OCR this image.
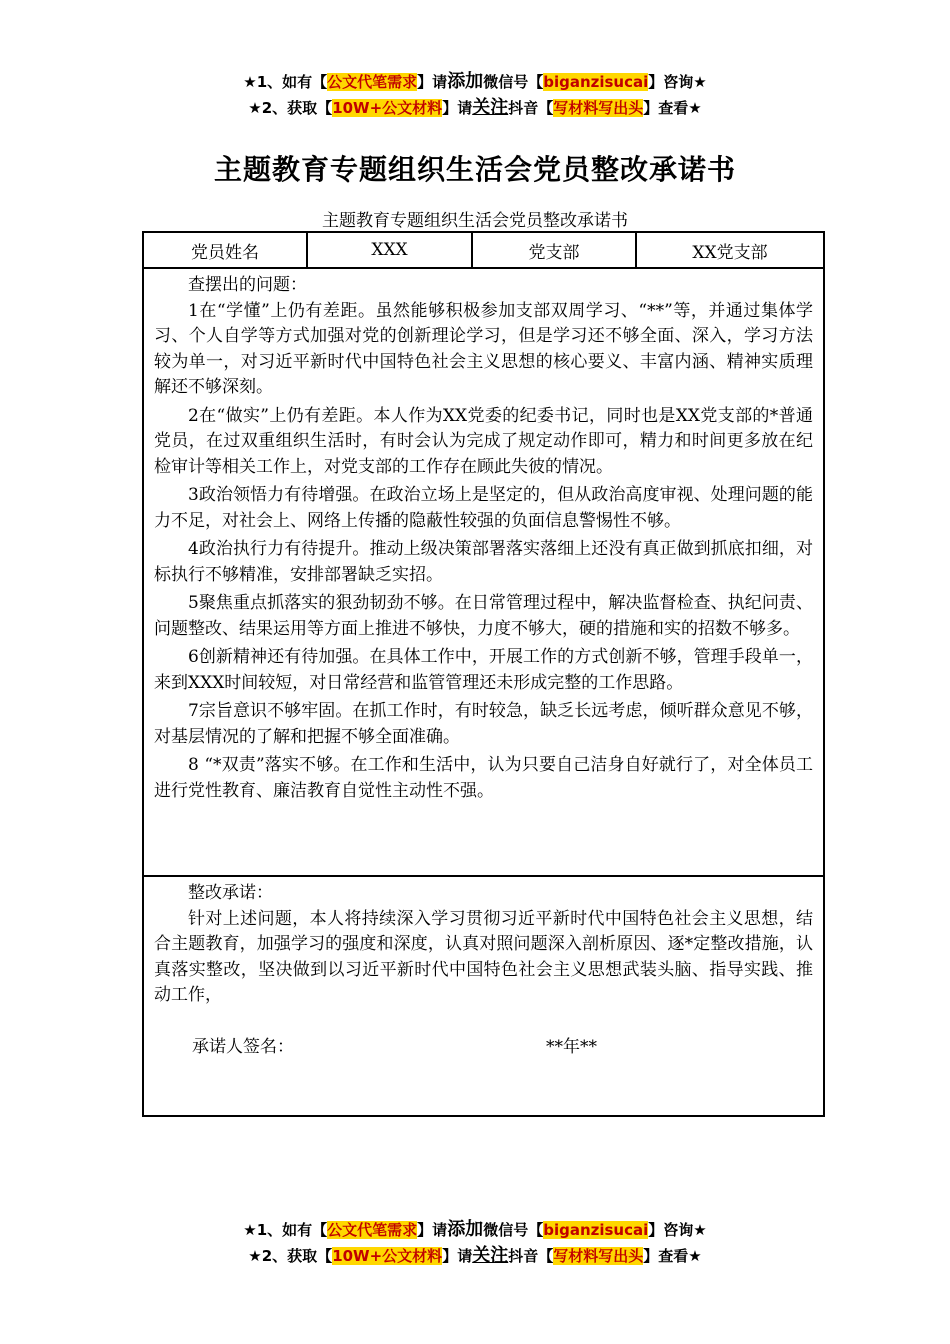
★1、如有【公文代笔需求】请添加微信号【biganzisucai】咨询★
★2、获取【10W+公文材料】请关注抖音【写材料写出头】查看★
主题教育专题组织生活会党员整改承诺书
主题教育专题组织生活会党员整改承诺书
党员姓名	XXX	党支部	XX党支部

查摆出的问题：

1在“学懂”上仍有差距。虽然能够积极参加支部双周学习、“**”等，并通过集体学习、个人自学等方式加强对党的创新理论学习，但是学习还不够全面、深入，学习方法较为单一，对习近平新时代中国特色社会主义思想的核心要义、丰富内涵、精神实质理解还不够深刻。

2在“做实”上仍有差距。本人作为XX党委的纪委书记，同时也是XX党支部的*普通党员，在过双重组织生活时，有时会认为完成了规定动作即可，精力和时间更多放在纪检审计等相关工作上，对党支部的工作存在顾此失彼的情况。

3政治领悟力有待增强。在政治立场上是坚定的，但从政治高度审视、处理问题的能力不足，对社会上、网络上传播的隐蔽性较强的负面信息警惕性不够。

4政治执行力有待提升。推动上级决策部署落实落细上还没有真正做到抓底扣细，对标执行不够精准，安排部署缺乏实招。

5聚焦重点抓落实的狠劲韧劲不够。在日常管理过程中，解决监督检查、执纪问责、问题整改、结果运用等方面上推进不够快，力度不够大，硬的措施和实的招数不够多。

6创新精神还有待加强。在具体工作中，开展工作的方式创新不够，管理手段单一，来到XXX时间较短，对日常经营和监管管理还未形成完整的工作思路。

7宗旨意识不够牢固。在抓工作时，有时较急，缺乏长远考虑，倾听群众意见不够，对基层情况的了解和把握不够全面准确。

8 “*双责”落实不够。在工作和生活中，认为只要自己洁身自好就行了，对全体员工进行党性教育、廉洁教育自觉性主动性不强。

整改承诺：

针对上述问题，本人将持续深入学习贯彻习近平新时代中国特色社会主义思想，结合主题教育，加强学习的强度和深度，认真对照问题深入剖析原因、逐*定整改措施，认真落实整改，坚决做到以习近平新时代中国特色社会主义思想武装头脑、指导实践、推动工作，

承诺人签名：	**年**
★1、如有【公文代笔需求】请添加微信号【biganzisucai】咨询★
★2、获取【10W+公文材料】请关注抖音【写材料写出头】查看★
